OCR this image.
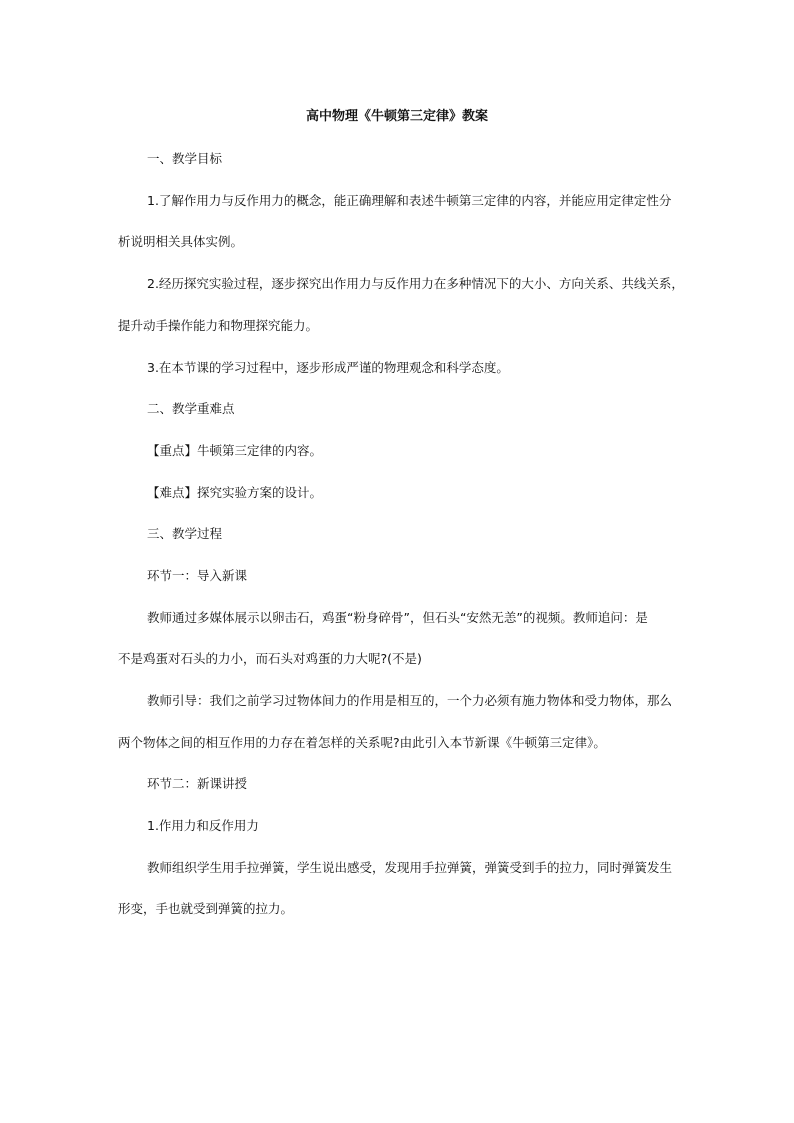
高中物理《牛顿第三定律》教案
一、教学目标
1.了解作用力与反作用力的概念，能正确理解和表述牛顿第三定律的内容，并能应用定律定性分
析说明相关具体实例。
2.经历探究实验过程，逐步探究出作用力与反作用力在多种情况下的大小、方向关系、共线关系，
提升动手操作能力和物理探究能力。
3.在本节课的学习过程中，逐步形成严谨的物理观念和科学态度。
二、教学重难点
【重点】牛顿第三定律的内容。
【难点】探究实验方案的设计。
三、教学过程
环节一：导入新课
教师通过多媒体展示以卵击石，鸡蛋“粉身碎骨”，但石头“安然无恙”的视频。教师追问：是
不是鸡蛋对石头的力小，而石头对鸡蛋的力大呢?(不是)
教师引导：我们之前学习过物体间力的作用是相互的，一个力必须有施力物体和受力物体，那么
两个物体之间的相互作用的力存在着怎样的关系呢?由此引入本节新课《牛顿第三定律》。
环节二：新课讲授
1.作用力和反作用力
教师组织学生用手拉弹簧，学生说出感受，发现用手拉弹簧，弹簧受到手的拉力，同时弹簧发生
形变，手也就受到弹簧的拉力。
